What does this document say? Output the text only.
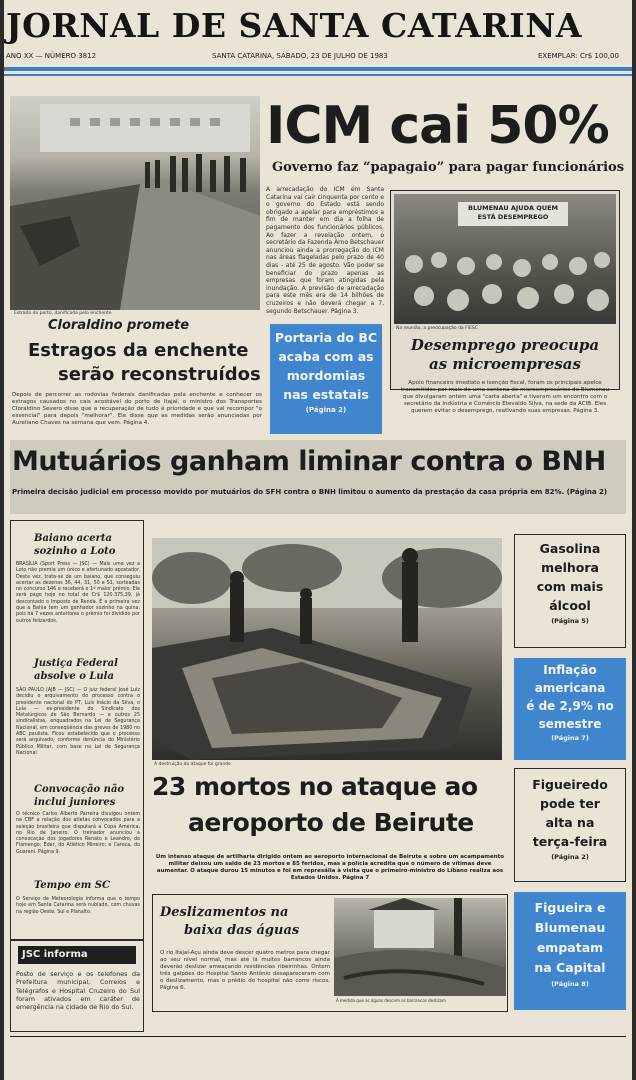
JORNAL DE SANTA CATARINA
ANO XX — NÚMERO 3812	SANTA CATARINA, SÁBADO, 23 DE JULHO DE 1983	EXEMPLAR: Cr$ 100,00
Estrada do porto, danificada pela enchente
ICM cai 50%
Governo faz “papagaio” para pagar funcionários
A arrecadação do ICM em Santa Catarina vai cair cinquenta por cento e o governo do Estado está sendo obrigado a apelar para empréstimos a fim de manter em dia a folha de pagamento dos funcionários públicos. Ao fazer a revelação ontem, o secretário da Fazenda Arno Betschauer anunciou ainda a prorrogação do ICM nas áreas flageladas pelo prazo de 40 dias - até 25 de agosto. Vão poder se beneficiar do prazo apenas as empresas que foram atingidas pela inundação. A previsão de arrecadação para este mês era de 14 bilhões de cruzeiros e não deverá chegar a 7, segundo Betschauer. Página 3.
BLUMENAU AJUDA QUEM ESTÁ DESEMPREGO
Na reunião, a preocupação da FIESC
Desemprego preocupa
as microempresas
Apoio financeiro imediato e isenção fiscal, foram os principais apelos transmitidos por mais de uma centena de microempresários de Blumenau que divulgaram ontem uma "carta aberta" e tiveram um encontro com o secretário da Indústria e Comércio Etevaldo Silva, na sede da ACIB. Eles querem evitar o desemprego, reativando suas empresas. Página 3.
Cloraldino promete
Estragos da enchente
serão reconstruídos
Depois de percorrer as rodovias federais danificadas pela enchente e conhecer os estragos causados no cais acostável do porto de Itajaí, o ministro dos Transportes Cloraldino Severo disse que a recuperação de tudo é prioridade e que vai recompor "o essencial" para depois "melhorar". Ele disse que as medidas serão anunciadas por Aureliano Chaves na semana que vem. Página 4.
Portaria do BC
acaba com as
mordomias
nas estatais
(Página 2)
Mutuários ganham liminar contra o BNH
Primeira decisão judicial em processo movido por mutuários do SFH contra o BNH limitou o aumento da prestação da casa própria em 82%. (Página 2)
Baiano acerta
sozinho a Loto
BRASÍLIA (Sport Press — JSC) — Mais uma vez a Loto não premia um único e afortunado apostador. Desta vez, trata-se de um baiano, que conseguiu acertar as dezenas 36, 44, 31, 50 e 51, sorteadas no concurso 146 e receberá o 1º maior prêmio. Ele será pago hoje no total de Cr$ 120.375,39, já descontado o Imposto de Renda. É a primeira vez que a Bahia tem um ganhador sozinho na quina, pois há 7 vezes anteriores o prêmio foi dividido por outros felizardos.
Justiça Federal
absolve o Lula
SÃO PAULO (AJB — JSC) — O juiz federal José Luiz decidiu o arquivamento do processo contra o presidente nacional do PT, Luís Inácio da Silva, o Lula — ex-presidente do Sindicato dos Metalúrgicos de São Bernardo — e outros 25 sindicalistas, enquadrados na Lei de Segurança Nacional, em conseqüência das greves de 1980 no ABC paulista. Ficou estabelecido que o processo será arquivado, conforme denúncia do Ministério Público Militar, com base na Lei de Segurança Nacional.
Convocação não
inclui juniores
O técnico Carlos Alberto Parreira divulgou ontem na CBF a relação dos atletas convocados para a seleção brasileira que disputará a Copa América, no Rio de Janeiro. O treinador anunciou a convocação dos jogadores Renato e Leandro, do Flamengo; Éder, do Atlético Mineiro; e Careca, do Guarani. Página 9.
Tempo em SC
O Serviço de Meteorologia informa que o tempo hoje em Santa Catarina será nublado, com chuvas na região Oeste, Sul e Planalto.
JSC informa
Posto de serviço e os telefones da Prefeitura municipal, Correios e Telégrafos e Hospital Cruzeiro do Sul foram ativados em caráter de emergência na cidade de Rio do Sul.
A destruição do ataque foi grande
23 mortos no ataque ao
aeroporto de Beirute
Um intenso ataque de artilharia dirigido ontem ao aeroporto internacional de Beirute e sobre um acampamento militar deixou um saldo de 23 mortos e 85 feridos, mas a polícia acredita que o número de vítimas deve aumentar. O ataque durou 15 minutos e foi em represália à visita que o primeiro-ministro do Líbano realiza aos Estados Unidos. Página 7
Deslizamentos na
baixa das águas
O rio Itajaí-Açu ainda deve descer quatro metros para chegar ao seu nível normal, mas até lá muitos barrancos ainda deverão deslizar ameaçando residências ribeirinhas. Ontem três galpões do Hospital Santo Antônio desapareceram com o deslizamento, mas o prédio do hospital não corre riscos. Página 6.
À medida que as águas descem os barrancos deslizam
Gasolina
melhora
com mais
álcool
(Página 5)
Inflação
americana
é de 2,9% no
semestre
(Página 7)
Figueiredo
pode ter
alta na
terça-feira
(Página 2)
Figueira e
Blumenau
empatam
na Capital
(Página 8)
